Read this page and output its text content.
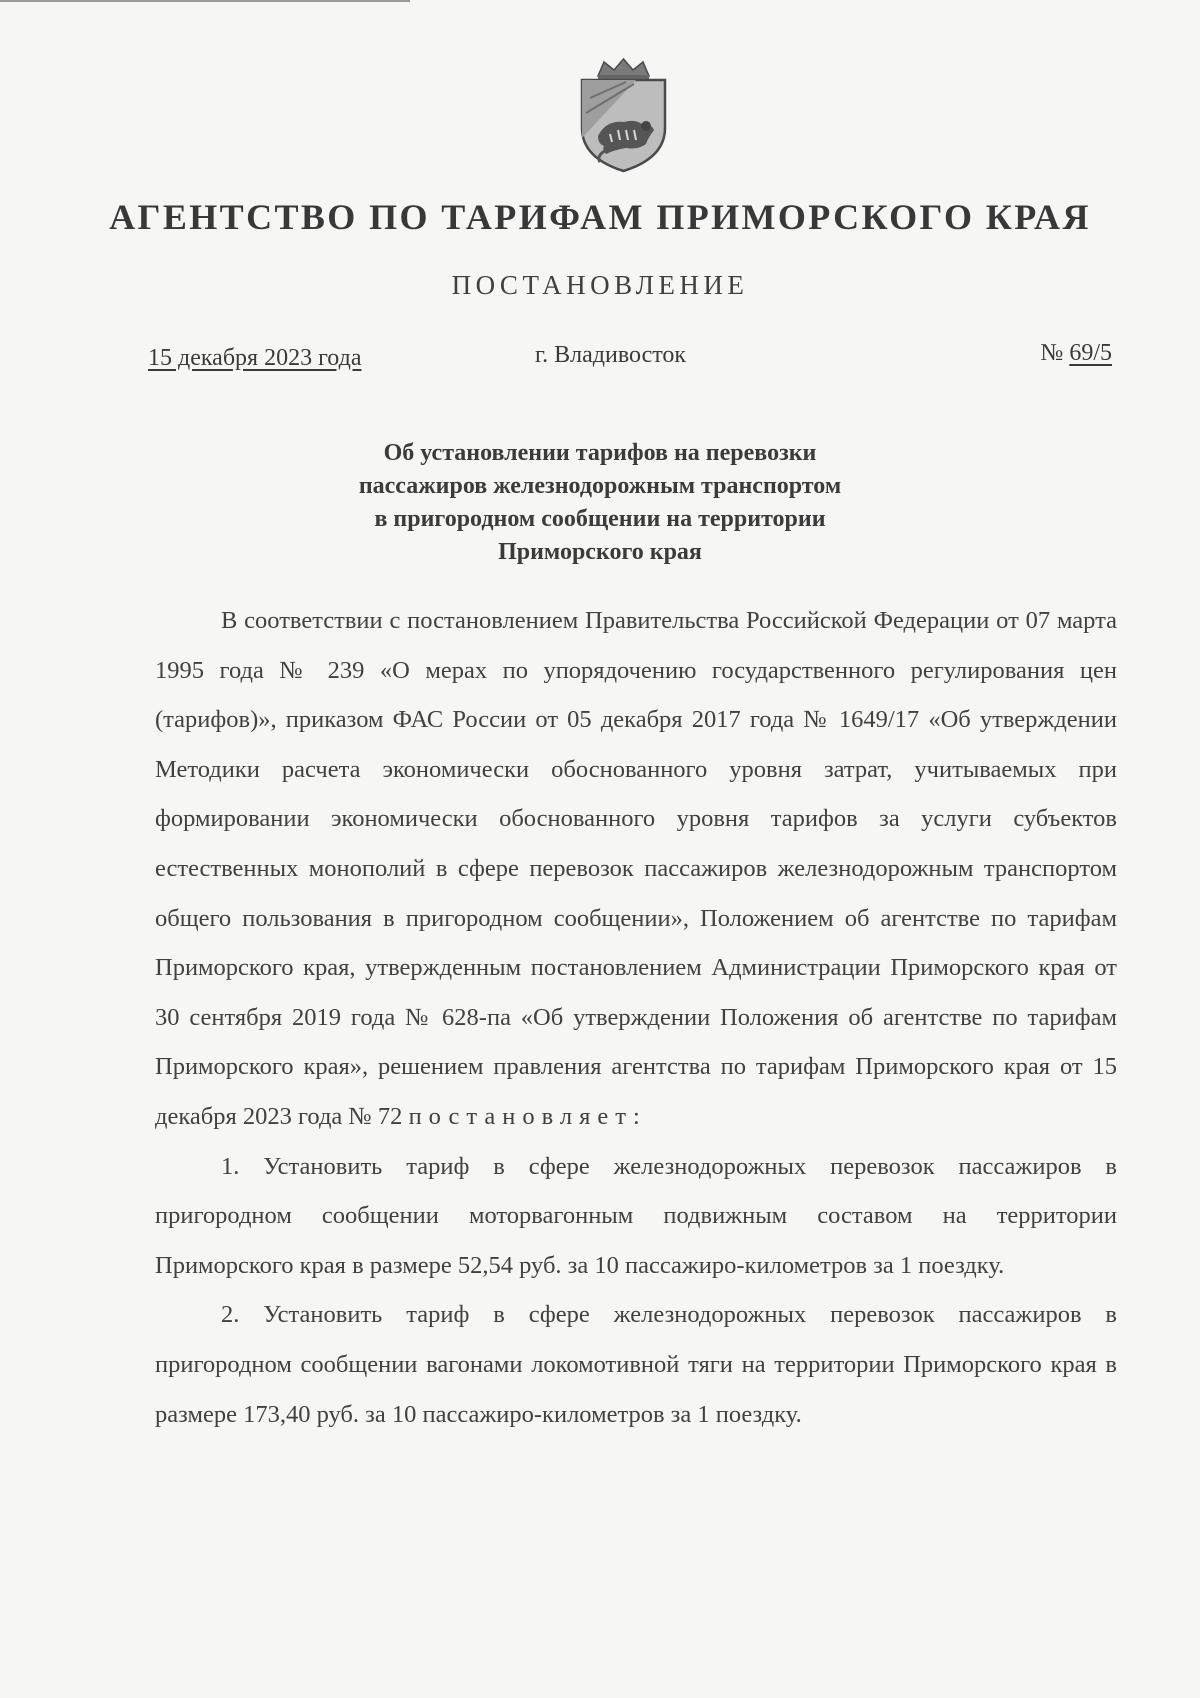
АГЕНТСТВО ПО ТАРИФАМ ПРИМОРСКОГО КРАЯ
ПОСТАНОВЛЕНИЕ
15 декабря 2023 года	г. Владивосток	№ 69/5
Об установлении тарифов на перевозки
пассажиров железнодорожным транспортом
в пригородном сообщении на территории
Приморского края

В соответствии с постановлением Правительства Российской Федерации от 07 марта 1995 года № 239 «О мерах по упорядочению государственного регулирования цен (тарифов)», приказом ФАС России от 05 декабря 2017 года № 1649/17 «Об утверждении Методики расчета экономически обоснованного уровня затрат, учитываемых при формировании экономически обоснованного уровня тарифов за услуги субъектов естественных монополий в сфере перевозок пассажиров железнодорожным транспортом общего пользования в пригородном сообщении», Положением об агентстве по тарифам Приморского края, утвержденным постановлением Администрации Приморского края от 30 сентября 2019 года № 628-па «Об утверждении Положения об агентстве по тарифам Приморского края», решением правления агентства по тарифам Приморского края от 15 декабря 2023 года № 72 постановляет:

1. Установить тариф в сфере железнодорожных перевозок пассажиров в пригородном сообщении моторвагонным подвижным составом на территории Приморского края в размере 52,54 руб. за 10 пассажиро-километров за 1 поездку.

2. Установить тариф в сфере железнодорожных перевозок пассажиров в пригородном сообщении вагонами локомотивной тяги на территории Приморского края в размере 173,40 руб. за 10 пассажиро-километров за 1 поездку.
